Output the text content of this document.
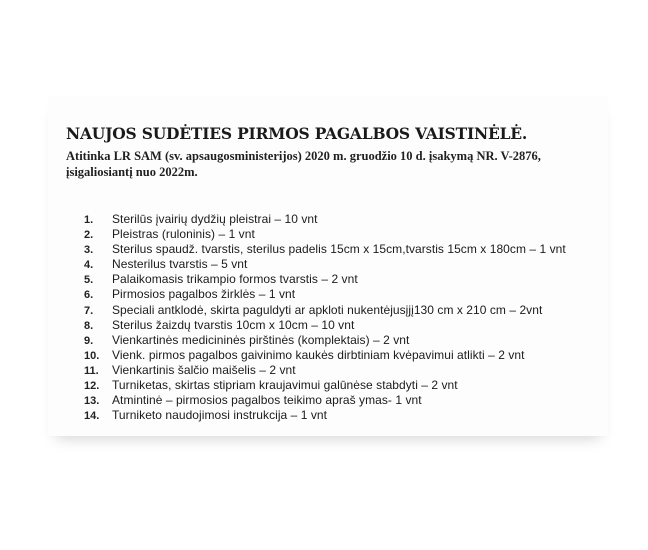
NAUJOS SUDĖTIES PIRMOS PAGALBOS VAISTINĖLĖ.

Atitinka LR SAM (sv. apsaugosministerijos) 2020 m. gruodžio 10 d. įsakymą NR. V-2876,
įsigaliosiantį nuo 2022m.

1.	Sterilūs įvairių dydžių pleistrai – 10 vnt
2.	Pleistras (ruloninis) – 1 vnt
3.	Sterilus spaudž. tvarstis, sterilus padelis 15cm x 15cm,tvarstis 15cm x 180cm – 1 vnt
4.	Nesterilus tvarstis – 5 vnt
5.	Palaikomasis trikampio formos tvarstis – 2 vnt
6.	Pirmosios pagalbos žirklės – 1 vnt
7.	Speciali antklodė, skirta paguldyti ar apkloti nukentėjusįjį130 cm x 210 cm – 2vnt
8.	Sterilus žaizdų tvarstis 10cm x 10cm – 10 vnt
9.	Vienkartinės medicininės pirštinės (komplektais) – 2 vnt
10.	Vienk. pirmos pagalbos gaivinimo kaukės dirbtiniam kvėpavimui atlikti – 2 vnt
11.	Vienkartinis šalčio maišelis – 2 vnt
12.	Turniketas, skirtas stipriam kraujavimui galūnėse stabdyti – 2 vnt
13.	Atmintinė – pirmosios pagalbos teikimo apraš ymas- 1 vnt
14.	Turniketo naudojimosi instrukcija – 1 vnt
